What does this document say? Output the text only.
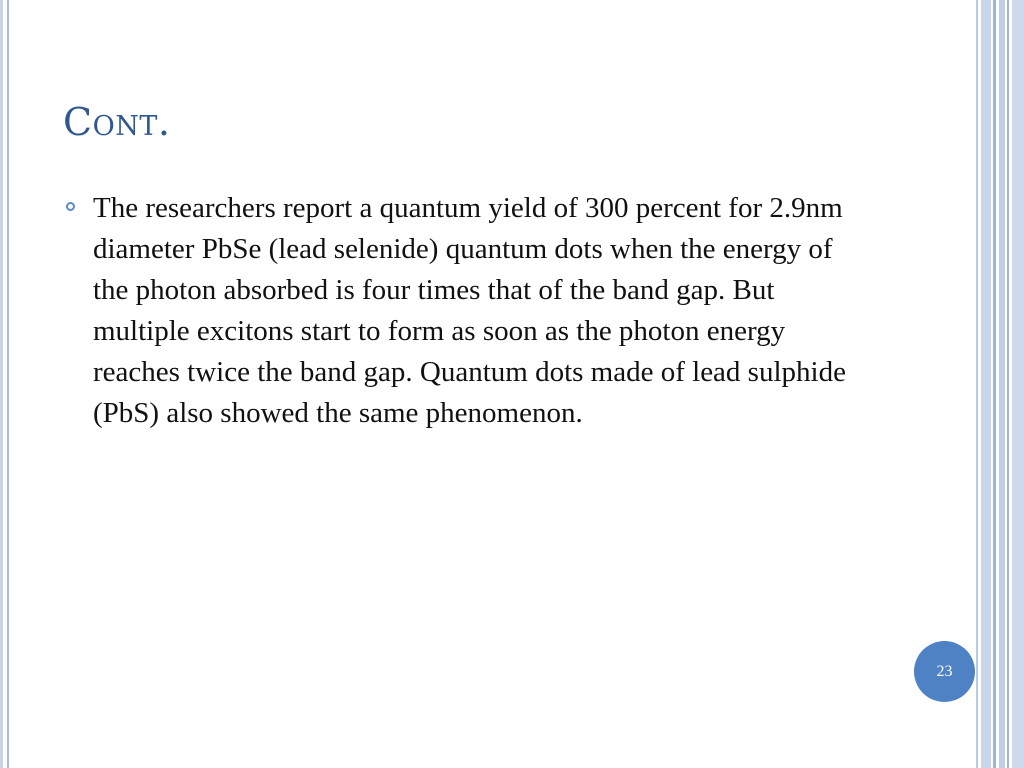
Cont.

The researchers report a quantum yield of 300 percent for 2.9nm diameter PbSe (lead selenide) quantum dots when the energy of the photon absorbed is four times that of the band gap. But multiple excitons start to form as soon as the photon energy reaches twice the band gap. Quantum dots made of lead sulphide (PbS) also showed the same phenomenon.

23
